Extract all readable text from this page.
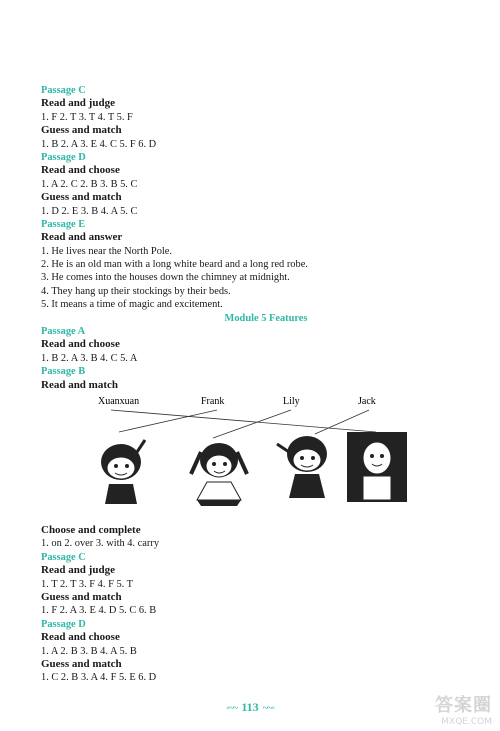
Passage C
Read and judge
1. F 2. T 3. T 4. T 5. F
Guess and match
1. B 2. A 3. E 4. C 5. F 6. D
Passage D
Read and choose
1. A 2. C 2. B 3. B 5. C
Guess and match
1. D 2. E 3. B 4. A 5. C
Passage E
Read and answer
1. He lives near the North Pole.
2. He is an old man with a long white beard and a long red robe.
3. He comes into the houses down the chimney at midnight.
4. They hang up their stockings by their beds.
5. It means a time of magic and excitement.
Module 5 Features
Passage A
Read and choose
1. B 2. A 3. B 4. C 5. A
Passage B
Read and match
Xuanxuan	Frank	Lily	Jack
Choose and complete
1. on 2. over 3. with 4. carry
Passage C
Read and judge
1. T 2. T 3. F 4. F 5. T
Guess and match
1. F 2. A 3. E 4. D 5. C 6. B
Passage D
Read and choose
1. A 2. B 3. B 4. A 5. B
Guess and match
1. C 2. B 3. A 4. F 5. E 6. D
◦~~ 113 ~~◦	答案圈
MXQE.COM
